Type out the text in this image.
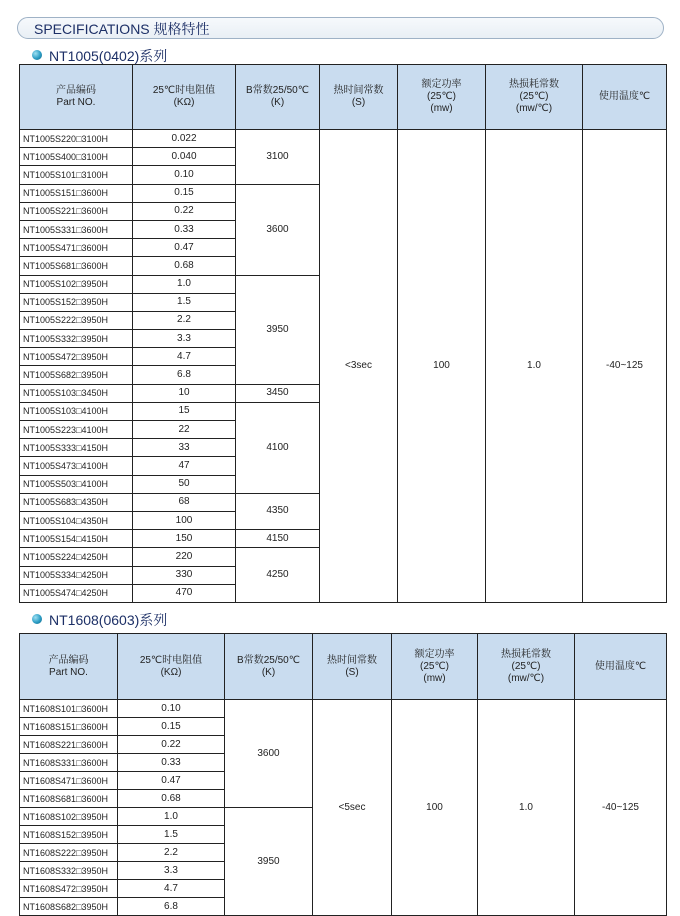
SPECIFICATIONS 规格特性
NT1005(0402)系列
产品编码
Part NO.	25℃时电阻值
(KΩ)	B常数25/50℃
(K)	热时间常数
(S)	额定功率
(25℃)
(mw)	热损耗常数
(25℃)
(mw/℃)	使用温度℃

NT1005S220□3100H	0.022	3100	<3sec	100	1.0	-40~125
NT1005S400□3100H	0.040					
NT1005S101□3100H	0.10					
NT1005S151□3600H	0.15	3600				
NT1005S221□3600H	0.22					
NT1005S331□3600H	0.33					
NT1005S471□3600H	0.47					
NT1005S681□3600H	0.68					
NT1005S102□3950H	1.0	3950				
NT1005S152□3950H	1.5					
NT1005S222□3950H	2.2					
NT1005S332□3950H	3.3					
NT1005S472□3950H	4.7					
NT1005S682□3950H	6.8					
NT1005S103□3450H	10	3450				
NT1005S103□4100H	15	4100				
NT1005S223□4100H	22					
NT1005S333□4150H	33					
NT1005S473□4100H	47					
NT1005S503□4100H	50					
NT1005S683□4350H	68	4350				
NT1005S104□4350H	100					
NT1005S154□4150H	150	4150				
NT1005S224□4250H	220	4250				
NT1005S334□4250H	330					
NT1005S474□4250H	470					
NT1608(0603)系列
产品编码
Part NO.	25℃时电阻值
(KΩ)	B常数25/50℃
(K)	热时间常数
(S)	额定功率
(25℃)
(mw)	热损耗常数
(25℃)
(mw/℃)	使用温度℃

NT1608S101□3600H	0.10	3600	<5sec	100	1.0	-40~125
NT1608S151□3600H	0.15					
NT1608S221□3600H	0.22					
NT1608S331□3600H	0.33					
NT1608S471□3600H	0.47					
NT1608S681□3600H	0.68					
NT1608S102□3950H	1.0	3950				
NT1608S152□3950H	1.5					
NT1608S222□3950H	2.2					
NT1608S332□3950H	3.3					
NT1608S472□3950H	4.7					
NT1608S682□3950H	6.8					
